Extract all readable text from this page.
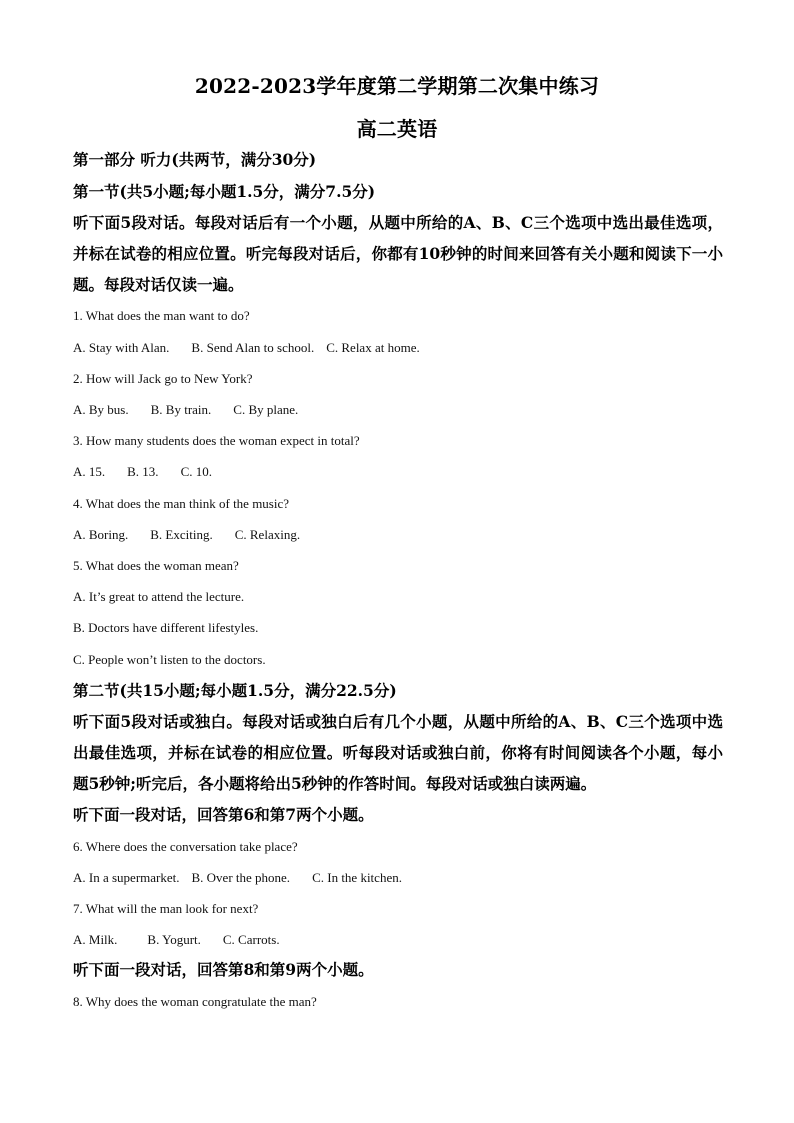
2022-2023学年度第二学期第二次集中练习
高二英语
第一部分 听力(共两节，满分30分)
第一节(共5小题;每小题1.5分，满分7.5分)
听下面5段对话。每段对话后有一个小题，从题中所给的A、B、C三个选项中选出最佳选项，并标在试卷的相应位置。听完每段对话后，你都有10秒钟的时间来回答有关小题和阅读下一小题。每段对话仅读一遍。
1. What does the man want to do?
A. Stay with Alan. B. Send Alan to school. C. Relax at home.
2. How will Jack go to New York?
A. By bus. B. By train. C. By plane.
3. How many students does the woman expect in total?
A. 15. B. 13. C. 10.
4. What does the man think of the music?
A. Boring. B. Exciting. C. Relaxing.
5. What does the woman mean?
A. It’s great to attend the lecture.
B. Doctors have different lifestyles.
C. People won’t listen to the doctors.
第二节(共15小题;每小题1.5分，满分22.5分)
听下面5段对话或独白。每段对话或独白后有几个小题，从题中所给的A、B、C三个选项中选出最佳选项，并标在试卷的相应位置。听每段对话或独白前，你将有时间阅读各个小题，每小题5秒钟;听完后，各小题将给出5秒钟的作答时间。每段对话或独白读两遍。
听下面一段对话，回答第6和第7两个小题。
6. Where does the conversation take place?
A. In a supermarket. B. Over the phone. C. In the kitchen.
7. What will the man look for next?
A. Milk. B. Yogurt. C. Carrots.
听下面一段对话，回答第8和第9两个小题。
8. Why does the woman congratulate the man?
